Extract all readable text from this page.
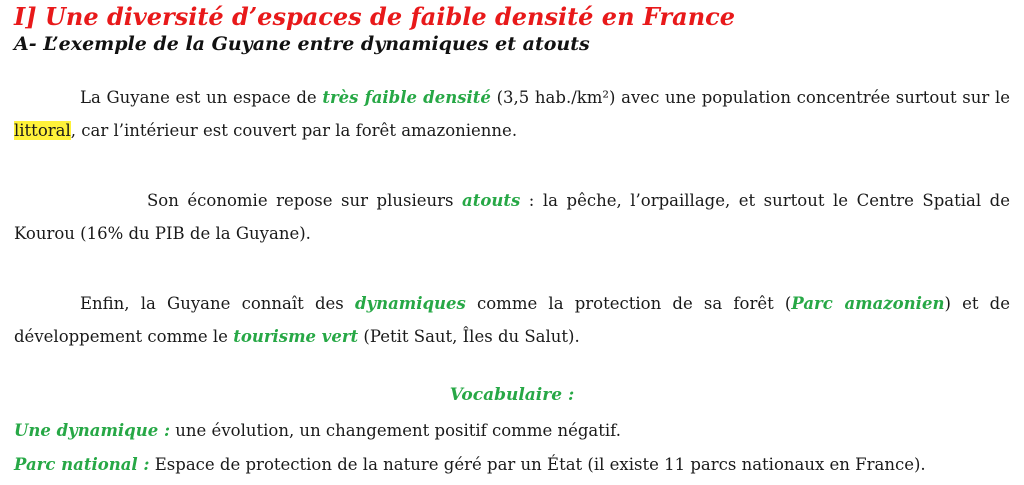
I] Une diversité d’espaces de faible densité en France
A- L’exemple de la Guyane entre dynamiques et atouts

La Guyane est un espace de très faible densité (3,5 hab./km²) avec une population concentrée surtout sur le littoral, car l’intérieur est couvert par la forêt amazonienne.

Son économie repose sur plusieurs atouts : la pêche, l’orpaillage, et surtout le Centre Spatial de Kourou (16% du PIB de la Guyane).

Enfin, la Guyane connaît des dynamiques comme la protection de sa forêt (Parc amazonien) et de développement comme le tourisme vert (Petit Saut, Îles du Salut).

Vocabulaire :

Une dynamique : une évolution, un changement positif comme négatif.

Parc national : Espace de protection de la nature géré par un État (il existe 11 parcs nationaux en France).
